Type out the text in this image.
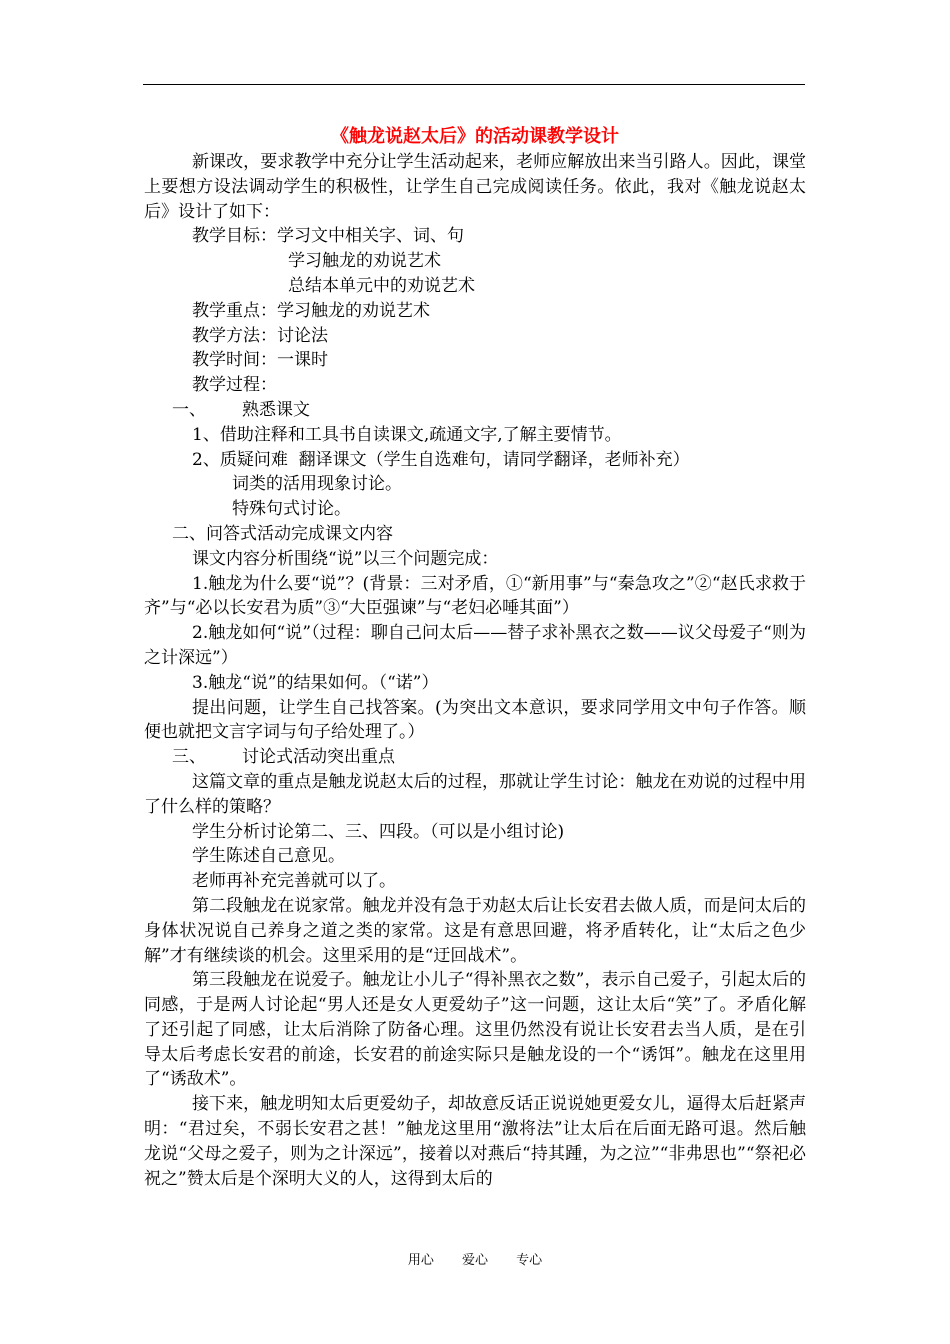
《触龙说赵太后》的活动课教学设计

新课改，要求教学中充分让学生活动起来，老师应解放出来当引路人。因此，课堂上要想方设法调动学生的积极性，让学生自己完成阅读任务。依此，我对《触龙说赵太后》设计了如下：

教学目标：学习文中相关字、词、句

学习触龙的劝说艺术

总结本单元中的劝说艺术

教学重点：学习触龙的劝说艺术

教学方法：讨论法

教学时间：一课时

教学过程：

一、 熟悉课文

1、借助注释和工具书自读课文,疏通文字,了解主要情节。

2、质疑问难  翻译课文（学生自选难句，请同学翻译，老师补充）

词类的活用现象讨论。

特殊句式讨论。

二、问答式活动完成课文内容

课文内容分析围绕“说”以三个问题完成：

1.触龙为什么要“说”？(背景：三对矛盾，①“新用事”与“秦急攻之”②“赵氏求救于齐”与“必以长安君为质”③“大臣强谏”与“老妇必唾其面”）

2.触龙如何“说”（过程：聊自己问太后——替子求补黑衣之数——议父母爱子“则为之计深远”）

3.触龙“说”的结果如何。（“诺”）

提出问题，让学生自己找答案。(为突出文本意识，要求同学用文中句子作答。顺便也就把文言字词与句子给处理了。）

三、 讨论式活动突出重点

这篇文章的重点是触龙说赵太后的过程，那就让学生讨论：触龙在劝说的过程中用了什么样的策略？

学生分析讨论第二、三、四段。（可以是小组讨论)

学生陈述自己意见。

老师再补充完善就可以了。

第二段触龙在说家常。触龙并没有急于劝赵太后让长安君去做人质，而是问太后的身体状况说自己养身之道之类的家常。这是有意思回避，将矛盾转化，让“太后之色少解”才有继续谈的机会。这里采用的是“迂回战术”。

第三段触龙在说爱子。触龙让小儿子“得补黑衣之数”，表示自己爱子，引起太后的同感，于是两人讨论起“男人还是女人更爱幼子”这一问题，这让太后“笑”了。矛盾化解了还引起了同感，让太后消除了防备心理。这里仍然没有说让长安君去当人质，是在引导太后考虑长安君的前途，长安君的前途实际只是触龙设的一个“诱饵”。触龙在这里用了“诱敌术”。

接下来，触龙明知太后更爱幼子，却故意反话正说说她更爱女儿，逼得太后赶紧声明：“君过矣，不弱长安君之甚！”触龙这里用“激将法”让太后在后面无路可退。然后触龙说“父母之爱子，则为之计深远”，接着以对燕后“持其踵，为之泣”“非弗思也”“祭祀必祝之”赞太后是个深明大义的人，这得到太后的

用心 爱心 专心
